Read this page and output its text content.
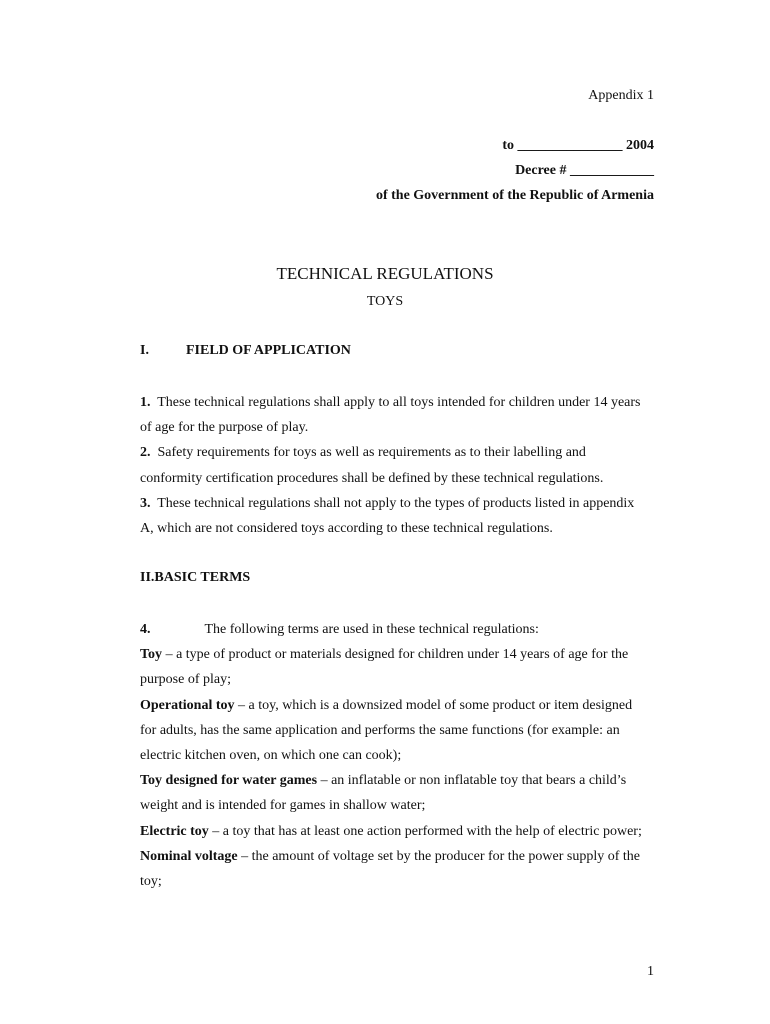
Appendix 1
to _______________ 2004
Decree # ____________
of the Government of the Republic of Armenia
TECHNICAL REGULATIONS
TOYS
I.	FIELD OF APPLICATION

1. These technical regulations shall apply to all toys intended for children under 14 years of age for the purpose of play.

2. Safety requirements for toys as well as requirements as to their labelling and conformity certification procedures shall be defined by these technical regulations.

3. These technical regulations shall not apply to the types of products listed in appendix A, which are not considered toys according to these technical regulations.

II.BASIC TERMS

4.	The following terms are used in these technical regulations:

Toy – a type of product or materials designed for children under 14 years of age for the purpose of play;

Operational toy – a toy, which is a downsized model of some product or item designed for adults, has the same application and performs the same functions (for example: an electric kitchen oven, on which one can cook);

Toy designed for water games – an inflatable or non inflatable toy that bears a child’s weight and is intended for games in shallow water;

Electric toy – a toy that has at least one action performed with the help of electric power;

Nominal voltage – the amount of voltage set by the producer for the power supply of the toy;

1
